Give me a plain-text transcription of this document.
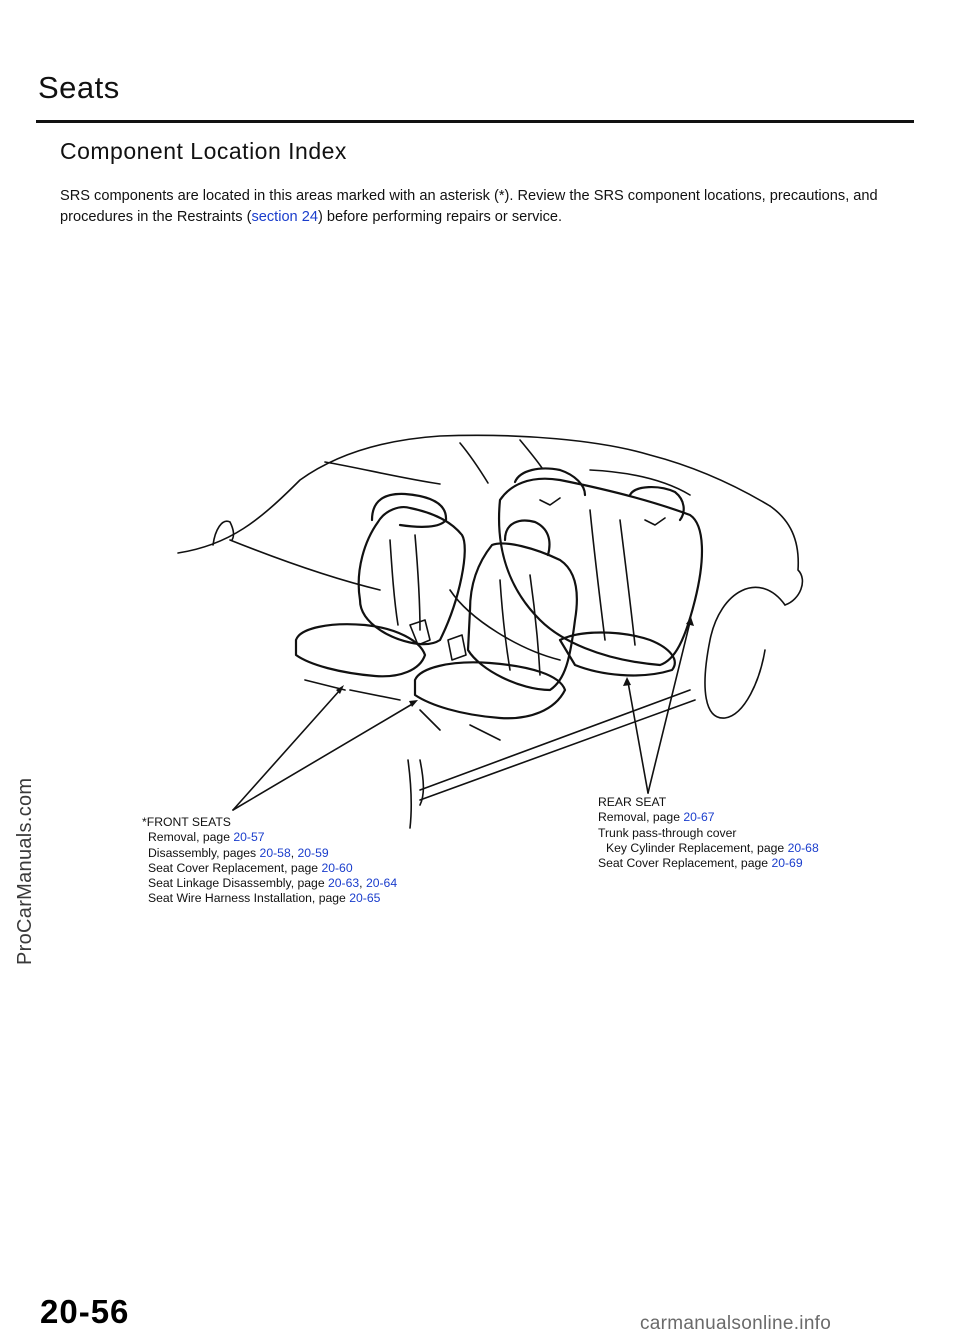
Seats
Component Location Index
SRS components are located in this areas marked with an asterisk (*). Review the SRS component locations, precautions, and procedures in the Restraints (section 24) before performing repairs or service.
*FRONT SEATS
Removal, page 20-57
Disassembly, pages 20-58, 20-59
Seat Cover Replacement, page 20-60
Seat Linkage Disassembly, page 20-63, 20-64
Seat Wire Harness Installation, page 20-65
REAR SEAT
Removal, page 20-67
Trunk pass-through cover
Key Cylinder Replacement, page 20-68
Seat Cover Replacement, page 20-69
ProCarManuals.com
20-56	carmanualsonline.info
